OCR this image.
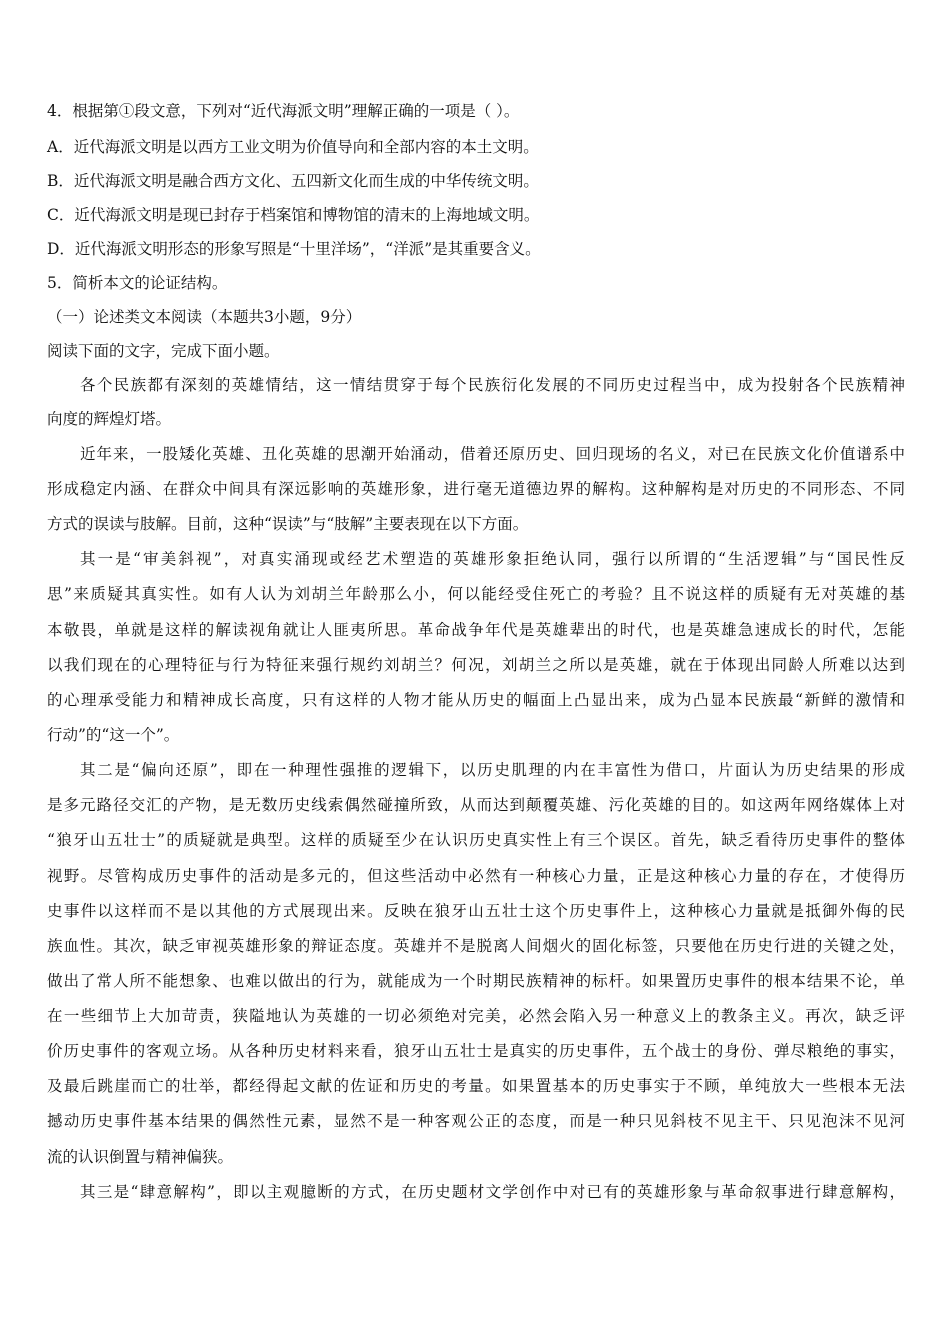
4．根据第①段文意，下列对“近代海派文明”理解正确的一项是（ ）。
A．近代海派文明是以西方工业文明为价值导向和全部内容的本土文明。
B．近代海派文明是融合西方文化、五四新文化而生成的中华传统文明。
C．近代海派文明是现已封存于档案馆和博物馆的清末的上海地域文明。
D．近代海派文明形态的形象写照是“十里洋场”，“洋派”是其重要含义。
5．简析本文的论证结构。
（一）论述类文本阅读（本题共3小题，9分）
阅读下面的文字，完成下面小题。
各个民族都有深刻的英雄情结，这一情结贯穿于每个民族衍化发展的不同历史过程当中，成为投射各个民族精神
向度的辉煌灯塔。
近年来，一股矮化英雄、丑化英雄的思潮开始涌动，借着还原历史、回归现场的名义，对已在民族文化价值谱系中
形成稳定内涵、在群众中间具有深远影响的英雄形象，进行毫无道德边界的解构。这种解构是对历史的不同形态、不同
方式的误读与肢解。目前，这种“误读”与“肢解”主要表现在以下方面。
其一是“审美斜视”，对真实涌现或经艺术塑造的英雄形象拒绝认同，强行以所谓的“生活逻辑”与“国民性反
思”来质疑其真实性。如有人认为刘胡兰年龄那么小，何以能经受住死亡的考验？且不说这样的质疑有无对英雄的基
本敬畏，单就是这样的解读视角就让人匪夷所思。革命战争年代是英雄辈出的时代，也是英雄急速成长的时代，怎能
以我们现在的心理特征与行为特征来强行规约刘胡兰？何况，刘胡兰之所以是英雄，就在于体现出同龄人所难以达到
的心理承受能力和精神成长高度，只有这样的人物才能从历史的幅面上凸显出来，成为凸显本民族最“新鲜的激情和
行动”的“这一个”。
其二是“偏向还原”，即在一种理性强推的逻辑下，以历史肌理的内在丰富性为借口，片面认为历史结果的形成
是多元路径交汇的产物，是无数历史线索偶然碰撞所致，从而达到颠覆英雄、污化英雄的目的。如这两年网络媒体上对
“狼牙山五壮士”的质疑就是典型。这样的质疑至少在认识历史真实性上有三个误区。首先，缺乏看待历史事件的整体
视野。尽管构成历史事件的活动是多元的，但这些活动中必然有一种核心力量，正是这种核心力量的存在，才使得历
史事件以这样而不是以其他的方式展现出来。反映在狼牙山五壮士这个历史事件上，这种核心力量就是抵御外侮的民
族血性。其次，缺乏审视英雄形象的辩证态度。英雄并不是脱离人间烟火的固化标签，只要他在历史行进的关键之处，
做出了常人所不能想象、也难以做出的行为，就能成为一个时期民族精神的标杆。如果置历史事件的根本结果不论，单
在一些细节上大加苛责，狭隘地认为英雄的一切必须绝对完美，必然会陷入另一种意义上的教条主义。再次，缺乏评
价历史事件的客观立场。从各种历史材料来看，狼牙山五壮士是真实的历史事件，五个战士的身份、弹尽粮绝的事实，
及最后跳崖而亡的壮举，都经得起文献的佐证和历史的考量。如果置基本的历史事实于不顾，单纯放大一些根本无法
撼动历史事件基本结果的偶然性元素，显然不是一种客观公正的态度，而是一种只见斜枝不见主干、只见泡沫不见河
流的认识倒置与精神偏狭。
其三是“肆意解构”，即以主观臆断的方式，在历史题材文学创作中对已有的英雄形象与革命叙事进行肆意解构，
